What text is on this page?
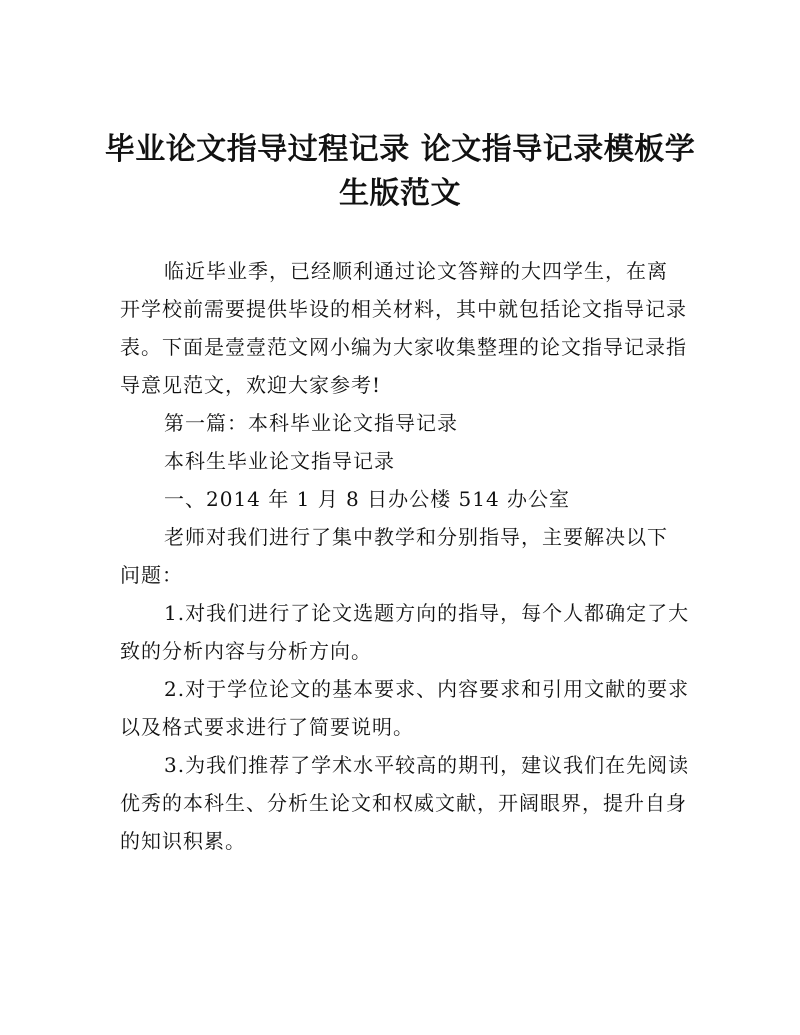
毕业论文指导过程记录 论文指导记录模板学
生版范文
临近毕业季，已经顺利通过论文答辩的大四学生，在离
开学校前需要提供毕设的相关材料，其中就包括论文指导记录
表。下面是壹壹范文网小编为大家收集整理的论文指导记录指
导意见范文，欢迎大家参考!
第一篇：本科毕业论文指导记录
本科生毕业论文指导记录
一、2014 年 1 月 8 日办公楼 514 办公室
老师对我们进行了集中教学和分别指导，主要解决以下
问题：
1.对我们进行了论文选题方向的指导，每个人都确定了大
致的分析内容与分析方向。
2.对于学位论文的基本要求、内容要求和引用文献的要求
以及格式要求进行了简要说明。
3.为我们推荐了学术水平较高的期刊，建议我们在先阅读
优秀的本科生、分析生论文和权威文献，开阔眼界，提升自身
的知识积累。
